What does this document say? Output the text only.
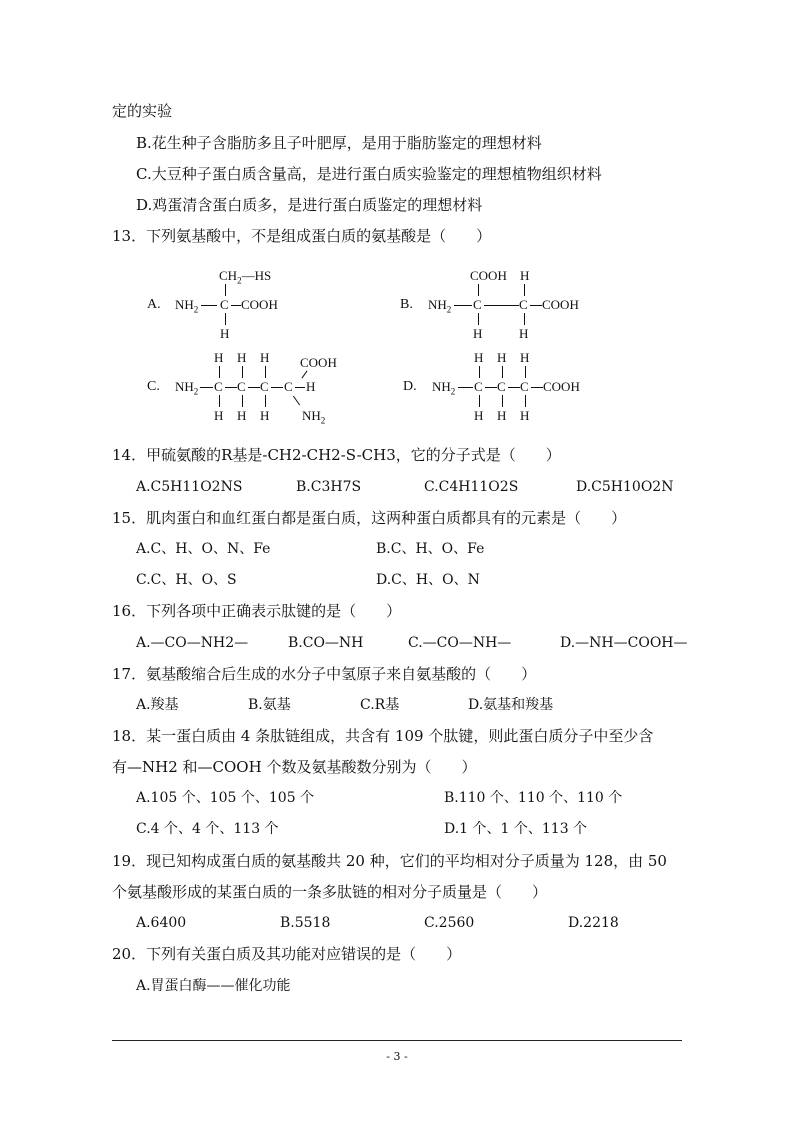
定的实验
B.花生种子含脂肪多且子叶肥厚，是用于脂肪鉴定的理想材料
C.大豆种子蛋白质含量高，是进行蛋白质实验鉴定的理想植物组织材料
D.鸡蛋清含蛋白质多，是进行蛋白质鉴定的理想材料
13．下列氨基酸中，不是组成蛋白质的氨基酸是（　　）
A.
$CH_2—HS$
$NH_2$ C COOH
H
B.
COOH H
$NH_2$ C	C COOH
H	H
C.
H H H COOH
$NH_2$ C C C C H
H H H	$NH_2$
D.
H H H
$NH_2$ C C C COOH
H H H
14．甲硫氨酸的R基是-CH2-CH2-S-CH3，它的分子式是（　　）
A.C5H11O2NS	B.C3H7S	C.C4H11O2S	D.C5H10O2N
15．肌肉蛋白和血红蛋白都是蛋白质，这两种蛋白质都具有的元素是（　　）
A.C、H、O、N、Fe	B.C、H、O、Fe
C.C、H、O、S	D.C、H、O、N
16．下列各项中正确表示肽键的是（　　）
A.—CO—NH2—	B.CO—NH	C.—CO—NH—	D.—NH—COOH—
17．氨基酸缩合后生成的水分子中氢原子来自氨基酸的（　　）
A.羧基	B.氨基	C.R基	D.氨基和羧基
18．某一蛋白质由 4 条肽链组成，共含有 109 个肽键，则此蛋白质分子中至少含
有—NH2 和—COOH 个数及氨基酸数分别为（　　）
A.105 个、105 个、105 个	B.110 个、110 个、110 个
C.4 个、4 个、113 个	D.1 个、1 个、113 个
19．现已知构成蛋白质的氨基酸共 20 种，它们的平均相对分子质量为 128，由 50
个氨基酸形成的某蛋白质的一条多肽链的相对分子质量是（　　）
A.6400	B.5518	C.2560	D.2218
20．下列有关蛋白质及其功能对应错误的是（　　）
A.胃蛋白酶——催化功能
- 3 -
